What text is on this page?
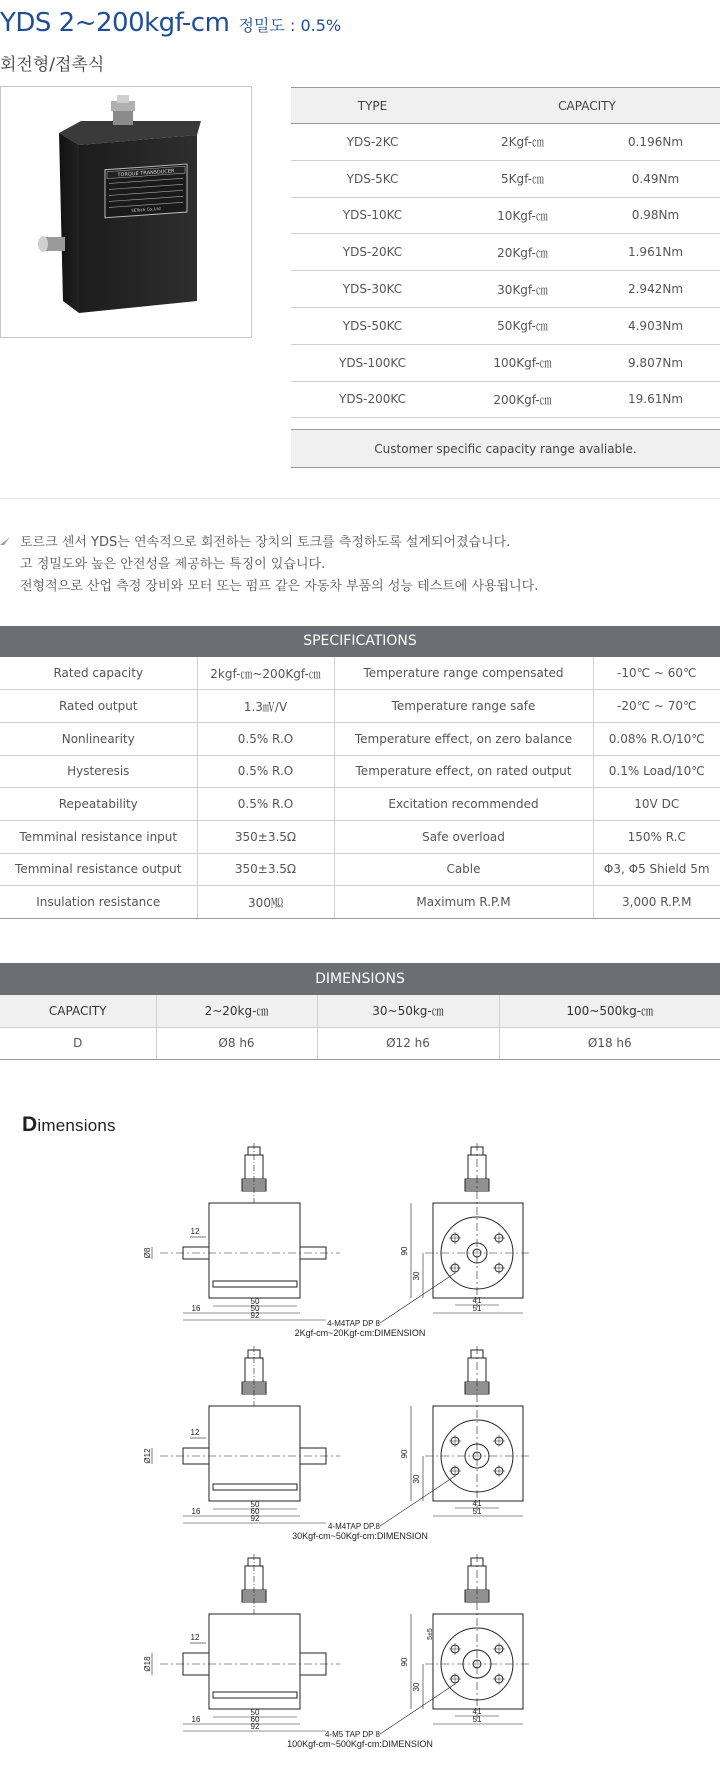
YDS 2~200kgf-cm 정밀도 : 0.5%
회전형/접촉식
TORQUE TRANSDUCER
SETech Co.,Ltd
TYPE	CAPACITY	
YDS-2KC	2Kgf-㎝	0.196Nm
YDS-5KC	5Kgf-㎝	0.49Nm
YDS-10KC	10Kgf-㎝	0.98Nm
YDS-20KC	20Kgf-㎝	1.961Nm
YDS-30KC	30Kgf-㎝	2.942Nm
YDS-50KC	50Kgf-㎝	4.903Nm
YDS-100KC	100Kgf-㎝	9.807Nm
YDS-200KC	200Kgf-㎝	19.61Nm
Customer specific capacity range avaliable.

토르크 센서 YDS는 연속적으로 회전하는 장치의 토크를 측정하도록 설계되어졌습니다.

고 정밀도와 높은 안전성을 제공하는 특징이 있습니다.

전형적으로 산업 측정 장비와 모터 또는 펌프 같은 자동차 부품의 성능 테스트에 사용됩니다.

SPECIFICATIONS
Rated capacity	2kgf-㎝~200Kgf-㎝	Temperature range compensated	-10℃ ~ 60℃
Rated output	1.3㎷/V	Temperature range safe	-20℃ ~ 70℃
Nonlinearity	0.5% R.O	Temperature effect, on zero balance	0.08% R.O/10℃
Hysteresis	0.5% R.O	Temperature effect, on rated output	0.1% Load/10℃
Repeatability	0.5% R.O	Excitation recommended	10V DC
Temminal resistance input	350±3.5Ω	Safe overload	150% R.C
Temminal resistance output	350±3.5Ω	Cable	Φ3, Φ5 Shield 5m
Insulation resistance	300㏁	Maximum R.P.M	3,000 R.P.M
DIMENSIONS
CAPACITY	2~20kg-㎝	30~50kg-㎝	100~500kg-㎝
D	Ø8 h6	Ø12 h6	Ø18 h6
Dimensions
12
Ø8
50
50
92
16
90
30
41
51
4-M4TAP DP 8
2Kgf-cm~20Kgf-cm:DIMENSION
12
Ø12
50
60
92
16
90
30
41
51
4-M4TAP DP.8
30Kgf-cm~50Kgf-cm:DIMENSION
12
Ø18
50
60
92
16
90
30
5±5
41
51
4-M5 TAP DP 8
100Kgf-cm~500Kgf-cm:DIMENSION
